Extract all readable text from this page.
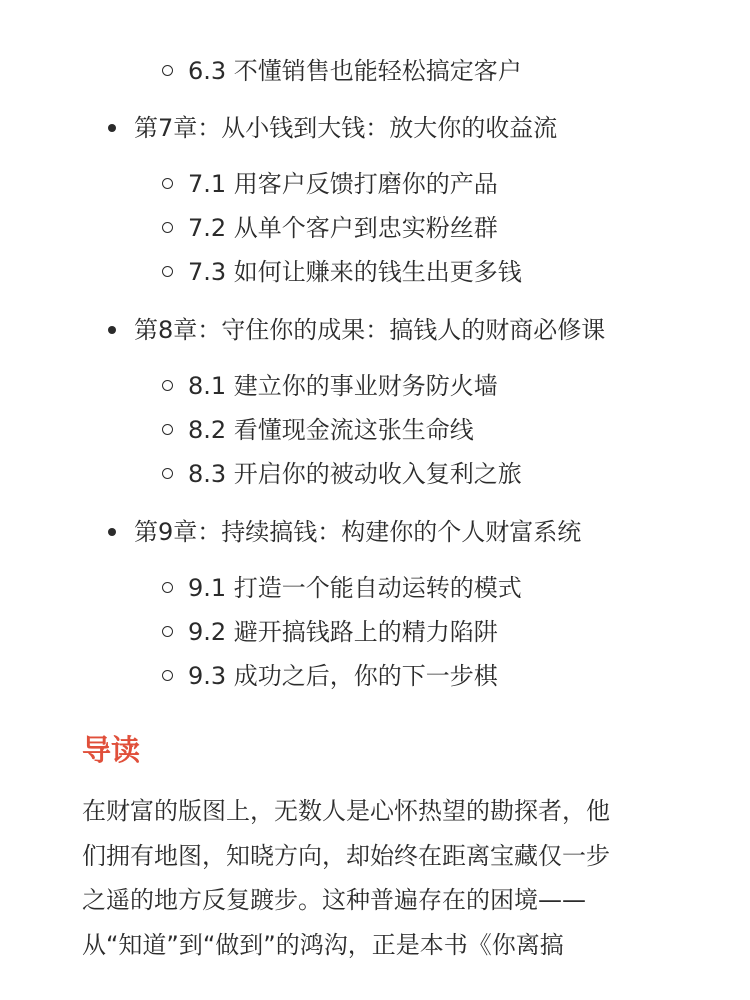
6.3 不懂销售也能轻松搞定客户
第7章：从小钱到大钱：放大你的收益流
7.1 用客户反馈打磨你的产品
7.2 从单个客户到忠实粉丝群
7.3 如何让赚来的钱生出更多钱
第8章：守住你的成果：搞钱人的财商必修课
8.1 建立你的事业财务防火墙
8.2 看懂现金流这张生命线
8.3 开启你的被动收入复利之旅
第9章：持续搞钱：构建你的个人财富系统
9.1 打造一个能自动运转的模式
9.2 避开搞钱路上的精力陷阱
9.3 成功之后，你的下一步棋
导读
在财富的版图上，无数人是心怀热望的勘探者，他
们拥有地图，知晓方向，却始终在距离宝藏仅一步
之遥的地方反复踱步。这种普遍存在的困境——
从“知道”到“做到”的鸿沟，正是本书《你离搞
